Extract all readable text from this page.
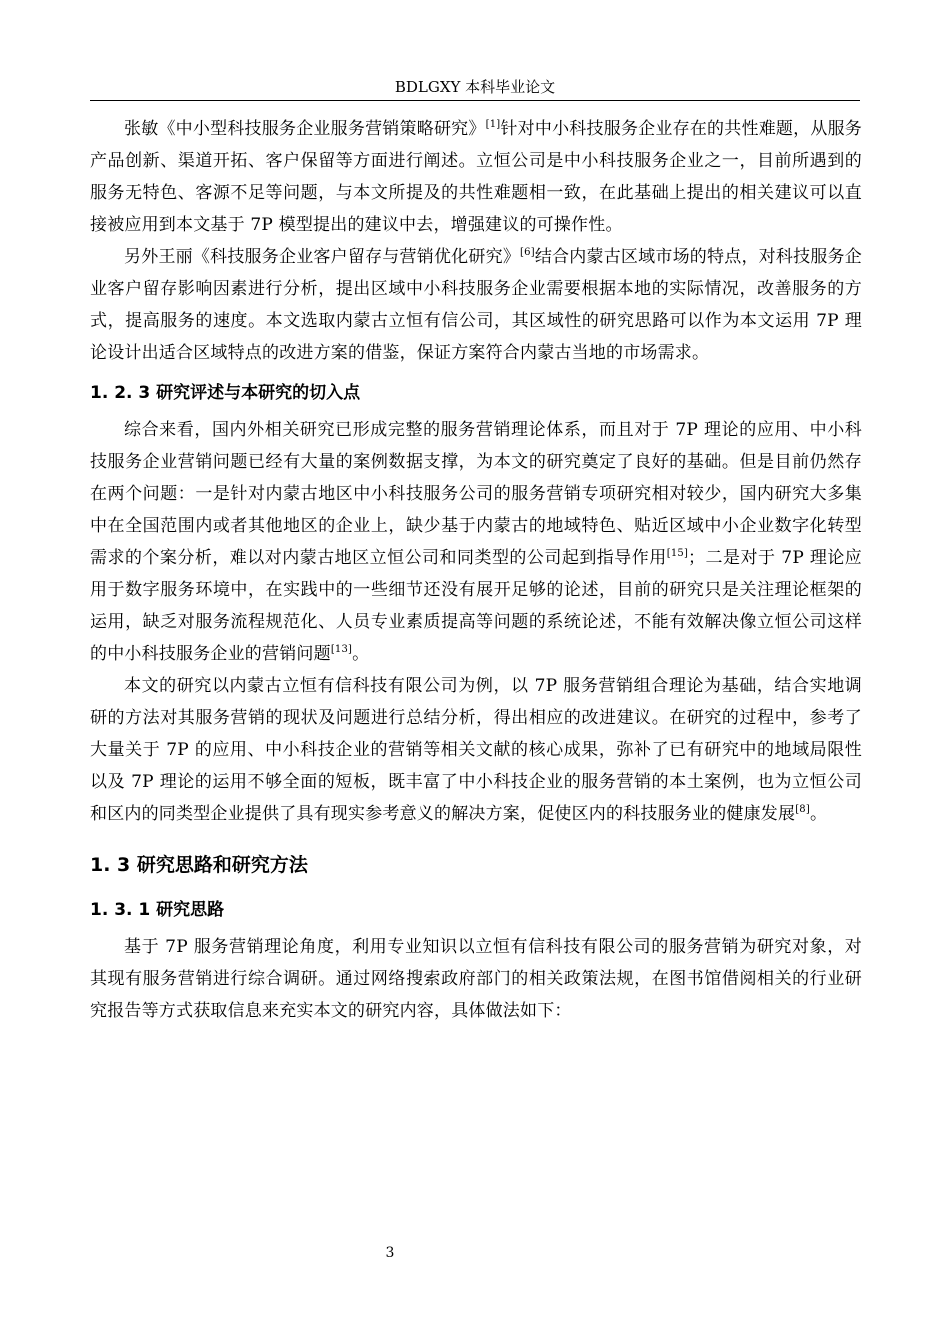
BDLGXY 本科毕业论文

张敏《中小型科技服务企业服务营销策略研究》[1]针对中小科技服务企业存在的共性难题，从服务产品创新、渠道开拓、客户保留等方面进行阐述。立恒公司是中小科技服务企业之一，目前所遇到的服务无特色、客源不足等问题，与本文所提及的共性难题相一致，在此基础上提出的相关建议可以直接被应用到本文基于 7P 模型提出的建议中去，增强建议的可操作性。

另外王丽《科技服务企业客户留存与营销优化研究》[6]结合内蒙古区域市场的特点，对科技服务企业客户留存影响因素进行分析，提出区域中小科技服务企业需要根据本地的实际情况，改善服务的方式，提高服务的速度。本文选取内蒙古立恒有信公司，其区域性的研究思路可以作为本文运用 7P 理论设计出适合区域特点的改进方案的借鉴，保证方案符合内蒙古当地的市场需求。

1. 2. 3 研究评述与本研究的切入点

综合来看，国内外相关研究已形成完整的服务营销理论体系，而且对于 7P 理论的应用、中小科技服务企业营销问题已经有大量的案例数据支撑，为本文的研究奠定了良好的基础。但是目前仍然存在两个问题：一是针对内蒙古地区中小科技服务公司的服务营销专项研究相对较少，国内研究大多集中在全国范围内或者其他地区的企业上，缺少基于内蒙古的地域特色、贴近区域中小企业数字化转型需求的个案分析，难以对内蒙古地区立恒公司和同类型的公司起到指导作用[15]；二是对于 7P 理论应用于数字服务环境中，在实践中的一些细节还没有展开足够的论述，目前的研究只是关注理论框架的运用，缺乏对服务流程规范化、人员专业素质提高等问题的系统论述，不能有效解决像立恒公司这样的中小科技服务企业的营销问题[13]。

本文的研究以内蒙古立恒有信科技有限公司为例，以 7P 服务营销组合理论为基础，结合实地调研的方法对其服务营销的现状及问题进行总结分析，得出相应的改进建议。在研究的过程中，参考了大量关于 7P 的应用、中小科技企业的营销等相关文献的核心成果，弥补了已有研究中的地域局限性以及 7P 理论的运用不够全面的短板，既丰富了中小科技企业的服务营销的本土案例，也为立恒公司和区内的同类型企业提供了具有现实参考意义的解决方案，促使区内的科技服务业的健康发展[8]。

1. 3 研究思路和研究方法
1. 3. 1 研究思路

基于 7P 服务营销理论角度，利用专业知识以立恒有信科技有限公司的服务营销为研究对象，对其现有服务营销进行综合调研。通过网络搜索政府部门的相关政策法规，在图书馆借阅相关的行业研究报告等方式获取信息来充实本文的研究内容，具体做法如下：

3
